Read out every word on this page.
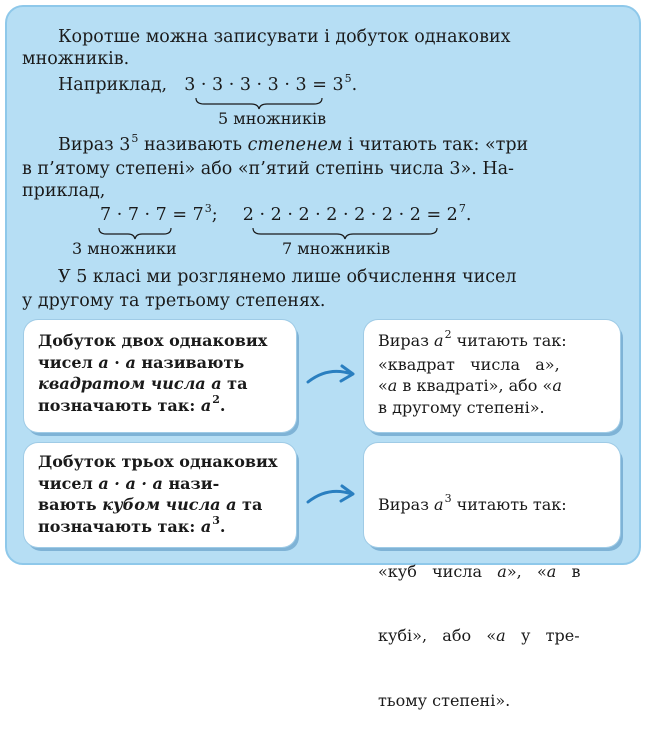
Коротше можна записувати і добуток однакових
множників.
Наприклад, $3 \cdot 3 \cdot 3 \cdot 3 \cdot 3 = 3^5$.
5 множників
Вираз $3^5$ називають степенем і читають так: «три
в п’ятому степені» або «п’ятий степінь числа 3». На-
приклад,
$7 \cdot 7 \cdot 7 = 7^3$; $2 \cdot 2 \cdot 2 \cdot 2 \cdot 2 \cdot 2 \cdot 2 = 2^7$.
3 множники	7 множників
У 5 класі ми розглянемо лише обчислення чисел
у другому та третьому степенях.
Добуток двох однакових
чисел a · a називають
квадратом числа a та
позначають так: $a^2$.
Вираз $a^2$ читають так:
«квадрат   числа   a»,
«a в квадраті», або «a
в другому степені».
Добуток трьох однакових
чисел a · a · a нази-
вають кубом числа a та
позначають так: $a^3$.

Вираз $a^3$ читають так:

«куб   числа   a»,   «a   в

кубі»,   або   «a   у   тре-

тьому степені».
